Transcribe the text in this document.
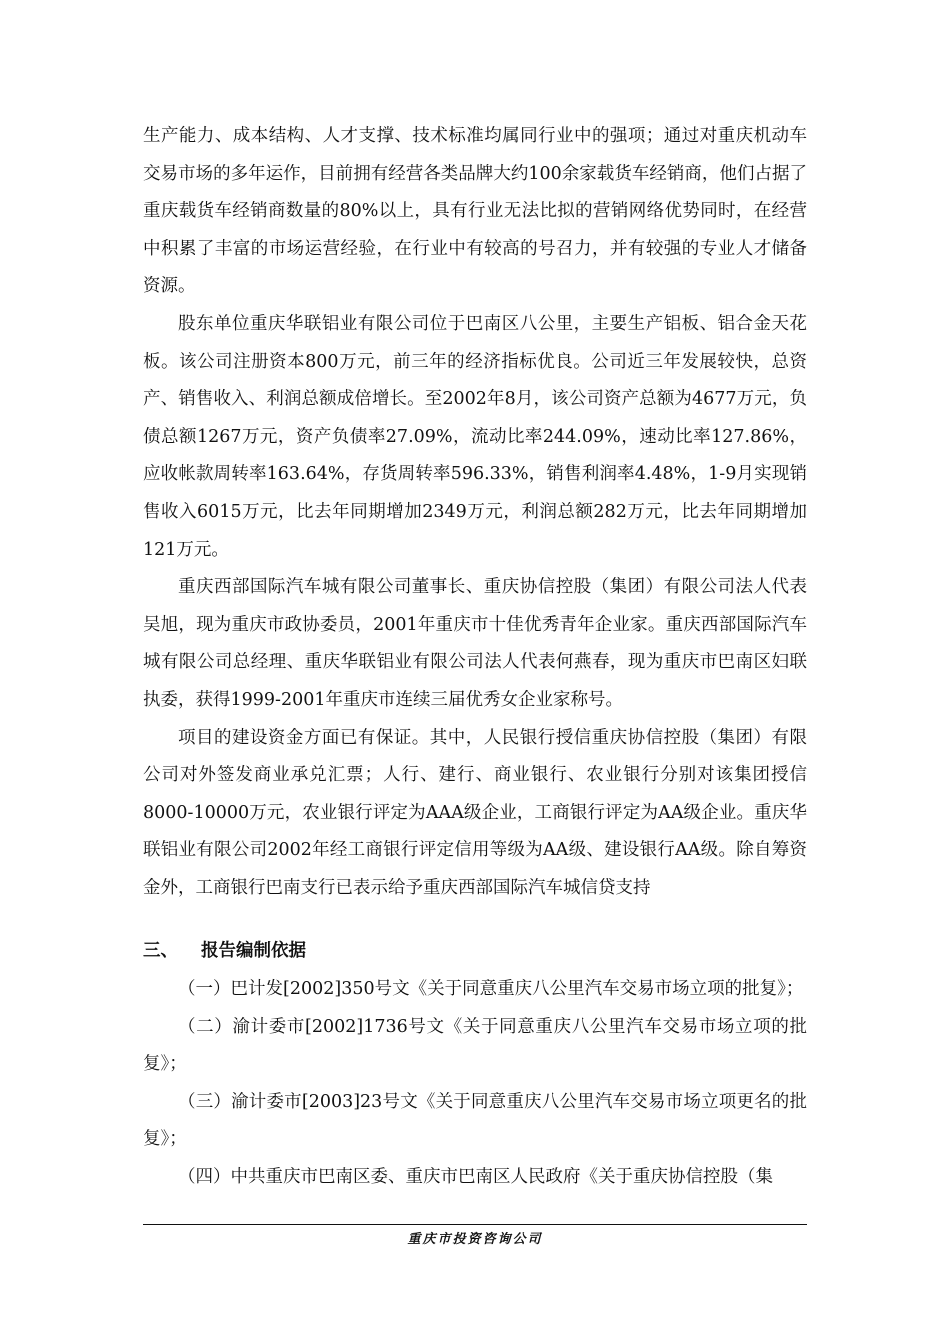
生产能力、成本结构、人才支撑、技术标准均属同行业中的强项；通过对重庆机动车交易市场的多年运作，目前拥有经营各类品牌大约100余家载货车经销商，他们占据了重庆载货车经销商数量的80%以上，具有行业无法比拟的营销网络优势同时，在经营中积累了丰富的市场运营经验，在行业中有较高的号召力，并有较强的专业人才储备资源。

股东单位重庆华联铝业有限公司位于巴南区八公里，主要生产铝板、铝合金天花板。该公司注册资本800万元，前三年的经济指标优良。公司近三年发展较快，总资产、销售收入、利润总额成倍增长。至2002年8月，该公司资产总额为4677万元，负债总额1267万元，资产负债率27.09%，流动比率244.09%，速动比率127.86%，应收帐款周转率163.64%，存货周转率596.33%，销售利润率4.48%，1-9月实现销售收入6015万元，比去年同期增加2349万元，利润总额282万元，比去年同期增加121万元。

重庆西部国际汽车城有限公司董事长、重庆协信控股（集团）有限公司法人代表吴旭，现为重庆市政协委员，2001年重庆市十佳优秀青年企业家。重庆西部国际汽车城有限公司总经理、重庆华联铝业有限公司法人代表何燕春，现为重庆市巴南区妇联执委，获得1999-2001年重庆市连续三届优秀女企业家称号。

项目的建设资金方面已有保证。其中，人民银行授信重庆协信控股（集团）有限公司对外签发商业承兑汇票；人行、建行、商业银行、农业银行分别对该集团授信8000-10000万元，农业银行评定为AAA级企业，工商银行评定为AA级企业。重庆华联铝业有限公司2002年经工商银行评定信用等级为AA级、建设银行AA级。除自筹资金外，工商银行巴南支行已表示给予重庆西部国际汽车城信贷支持

三、 报告编制依据

（一）巴计发[2002]350号文《关于同意重庆八公里汽车交易市场立项的批复》；

（二）渝计委市[2002]1736号文《关于同意重庆八公里汽车交易市场立项的批复》；

（三）渝计委市[2003]23号文《关于同意重庆八公里汽车交易市场立项更名的批复》；

（四）中共重庆市巴南区委、重庆市巴南区人民政府《关于重庆协信控股（集

重庆市投资咨询公司
